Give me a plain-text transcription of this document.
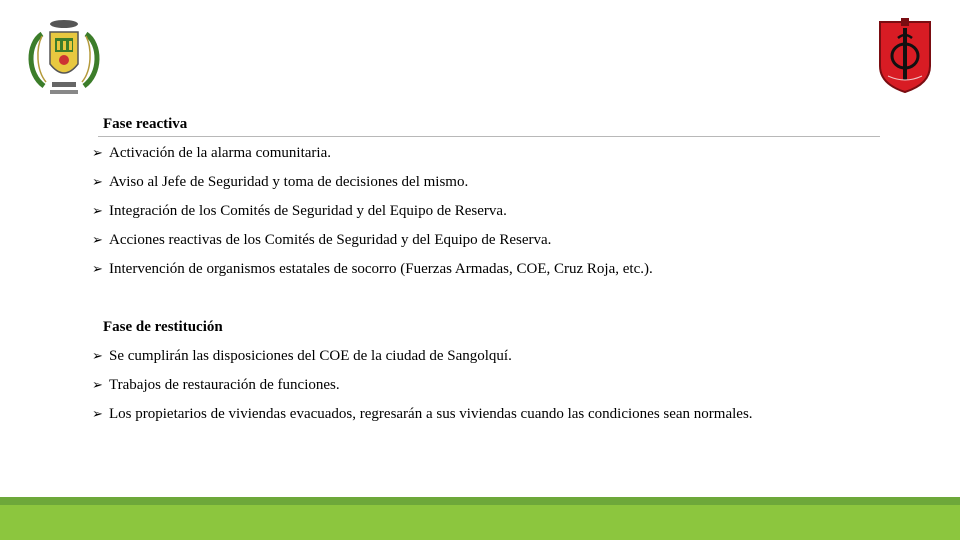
Fase reactiva
➢ Activación de la alarma comunitaria.
➢ Aviso al Jefe de Seguridad y toma de decisiones del mismo.
➢ Integración de los Comités de Seguridad y del Equipo de Reserva.
➢ Acciones reactivas de los Comités de Seguridad y del Equipo de Reserva.
➢ Intervención de organismos estatales de socorro (Fuerzas Armadas, COE, Cruz Roja, etc.).
Fase de restitución
➢ Se cumplirán las disposiciones del COE de la ciudad de Sangolquí.
➢ Trabajos de restauración de funciones.
➢ Los propietarios de viviendas evacuados, regresarán a sus viviendas cuando las condiciones sean normales.
